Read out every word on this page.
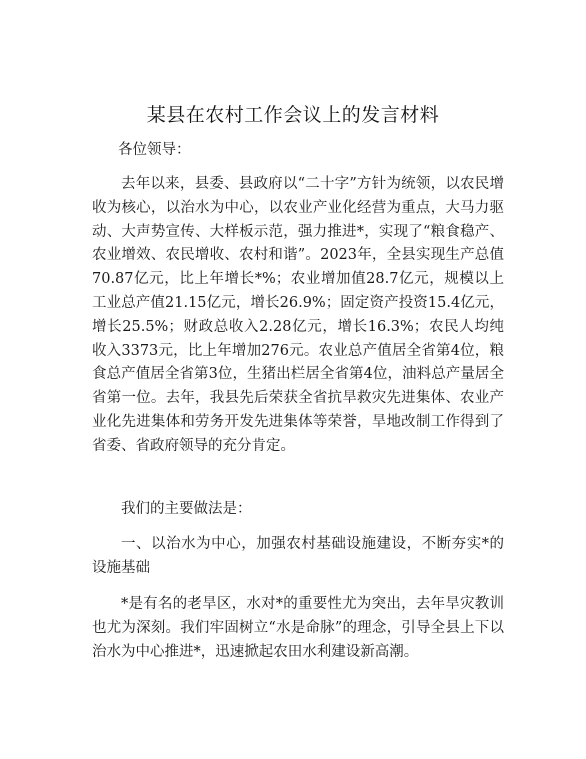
某县在农村工作会议上的发言材料

各位领导：

去年以来，县委、县政府以“二十字”方针为统领，以农民增收为核心，以治水为中心，以农业产业化经营为重点，大马力驱动、大声势宣传、大样板示范，强力推进*，实现了“粮食稳产、农业增效、农民增收、农村和谐”。2023年，全县实现生产总值70.87亿元，比上年增长*%；农业增加值28.7亿元，规模以上工业总产值21.15亿元，增长26.9%；固定资产投资15.4亿元，增长25.5%；财政总收入2.28亿元，增长16.3%；农民人均纯收入3373元，比上年增加276元。农业总产值居全省第4位，粮食总产值居全省第3位，生猪出栏居全省第4位，油料总产量居全省第一位。去年，我县先后荣获全省抗旱救灾先进集体、农业产业化先进集体和劳务开发先进集体等荣誉，旱地改制工作得到了省委、省政府领导的充分肯定。

我们的主要做法是：

一、以治水为中心，加强农村基础设施建设，不断夯实*的设施基础

*是有名的老旱区，水对*的重要性尤为突出，去年旱灾教训也尤为深刻。我们牢固树立“水是命脉”的理念，引导全县上下以治水为中心推进*，迅速掀起农田水利建设新高潮。
